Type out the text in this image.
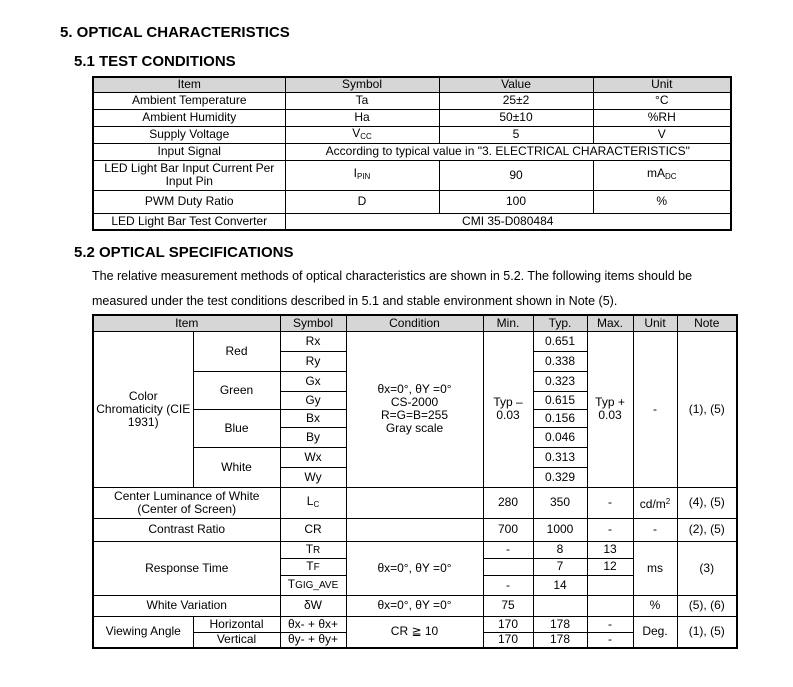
5. OPTICAL CHARACTERISTICS
5.1 TEST CONDITIONS
Item	Symbol	Value	Unit
Ambient Temperature	Ta	25±2	°C
Ambient Humidity	Ha	50±10	%RH
Supply Voltage	$V_{CC}$	5	V
Input Signal	According to typical value in "3. ELECTRICAL CHARACTERISTICS"		
LED Light Bar Input Current Per Input Pin	$I_{PIN}$	90	$mA_{DC}$
PWM Duty Ratio	D	100	%
LED Light Bar Test Converter	CMI 35-D080484		
5.2 OPTICAL SPECIFICATIONS
The relative measurement methods of optical characteristics are shown in 5.2. The following items should be
measured under the test conditions described in 5.1 and stable environment shown in Note (5).
Item		Symbol	Condition	Min.	Typ.	Max.	Unit	Note
Color Chromaticity (CIE 1931)	Red	Rx	θx=0°, θY =0°
CS-2000
R=G=B=255
Gray scale	Typ – 0.03	0.651	Typ + 0.03	-	(1), (5)
		Ry			0.338			
	Green	Gx			0.323			
		Gy			0.615			
	Blue	Bx			0.156			
		By			0.046			
	White	Wx			0.313			
		Wy			0.329			
Center Luminance of White (Center of Screen)		$L_C$		280	350	-	$cd/m^2$	(4), (5)
Contrast Ratio		CR		700	1000	-	-	(2), (5)
Response Time		TR	θx=0°, θY =0°	-	8	13	ms	(3)
		TF			7	12		
		TGIG_AVE		-	14			
White Variation		δW	θx=0°, θY =0°	75			%	(5), (6)
Viewing Angle	Horizontal	θx- + θx+	CR ≧ 10	170	178	-	Deg.	(1), (5)
	Vertical	θy- + θy+		170	178	-		
